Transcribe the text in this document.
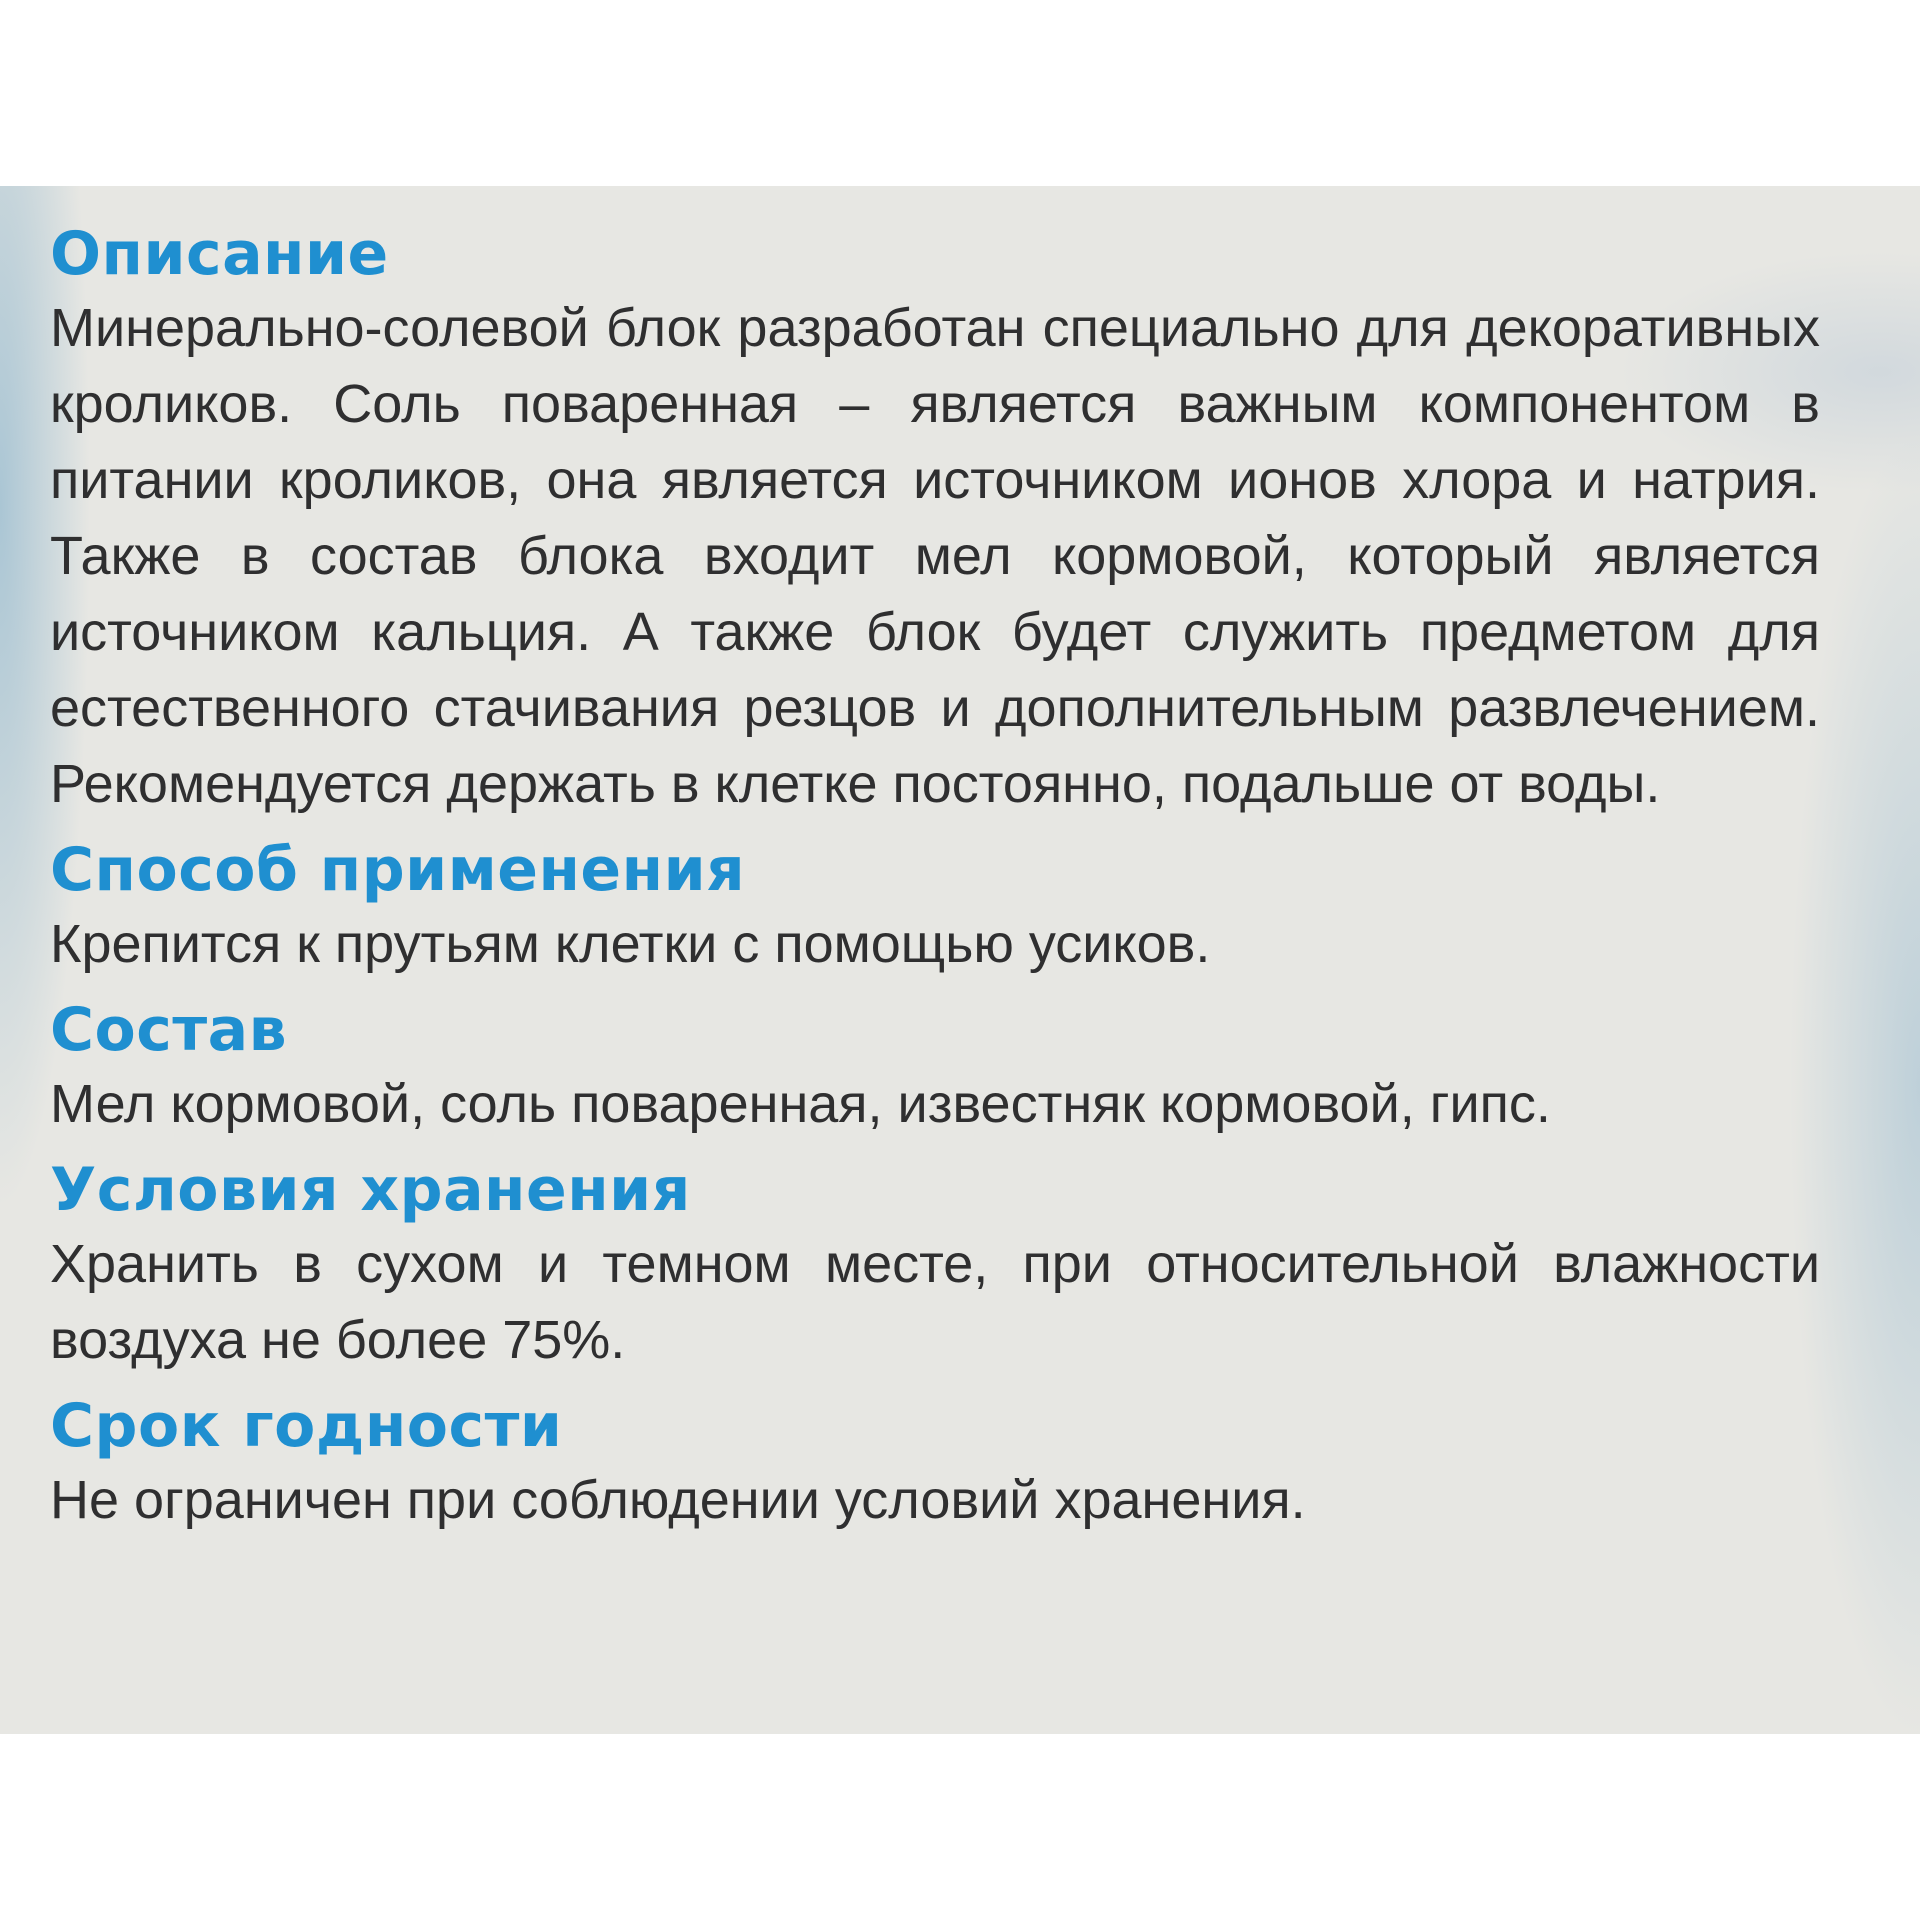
Описание

Минерально-солевой блок разработан специально для декоративных кроликов. Соль поваренная – является важным компонентом в питании кроликов, она является источником ионов хлора и натрия. Также в состав блока входит мел кормовой, который является источником кальция. А также блок будет служить предметом для естественного стачивания резцов и дополнительным развлечением. Рекомендуется держать в клетке постоянно, подальше от воды.

Способ применения

Крепится к прутьям клетки с помощью усиков.

Состав

Мел кормовой, соль поваренная, известняк кормовой, гипс.

Условия хранения

Хранить в сухом и темном месте, при относительной влажности воздуха не более 75%.

Срок годности

Не ограничен при соблюдении условий хранения.
